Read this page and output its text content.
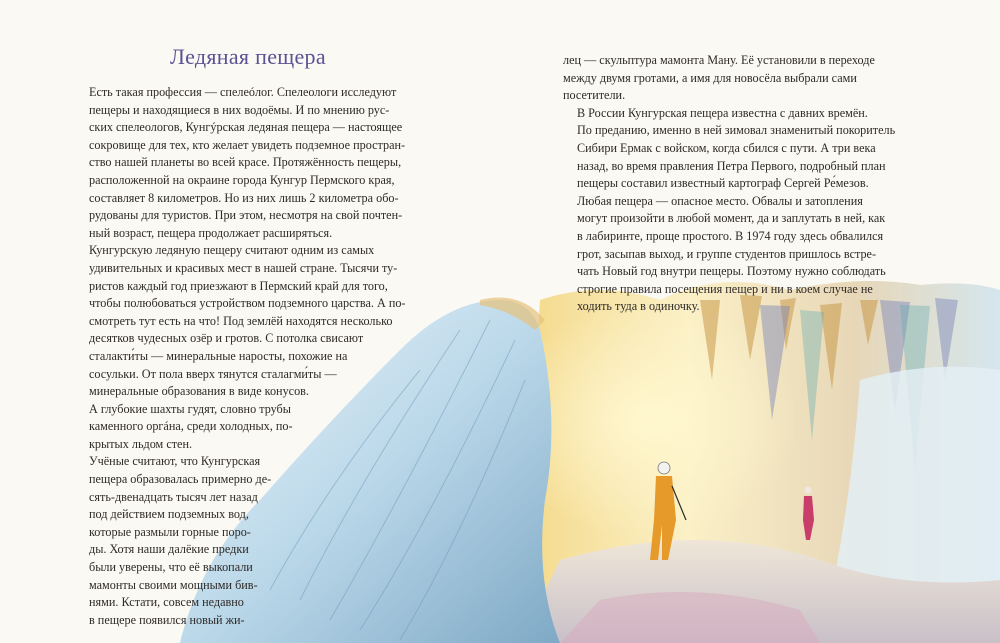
Ледяная пещера

Есть такая профессия — спелеóлог. Спелеологи исследуют
пещеры и находящиеся в них водоёмы. И по мнению рус-
ских спелеологов, Кунгýрская ледяная пещера — настоящее
сокровище для тех, кто желает увидеть подземное простран-
ство нашей планеты во всей красе. Протяжённость пещеры,
расположенной на окраине города Кунгур Пермского края,
составляет 8 километров. Но из них лишь 2 километра обо-
рудованы для туристов. При этом, несмотря на свой почтен-
ный возраст, пещера продолжает расширяться.

Кунгурскую ледяную пещеру считают одним из самых
удивительных и красивых мест в нашей стране. Тысячи ту-
ристов каждый год приезжают в Пермский край для того,
чтобы полюбоваться устройством подземного царства. А по-
смотреть тут есть на что! Под землёй находятся несколько
десятков чудесных озёр и гротов. С потолка свисают
сталакти́ты — минеральные наросты, похожие на
сосульки. От пола вверх тянутся сталагми́ты —
минеральные образования в виде конусов.
А глубокие шахты гудят, словно трубы
каменного оргáна, среди холодных, по-
крытых льдом стен.

Учёные считают, что Кунгурская
пещера образовалась примерно де-
сять-двенадцать тысяч лет назад
под действием подземных вод,
которые размыли горные поро-
ды. Хотя наши далёкие предки
были уверены, что её выкопали
мамонты своими мощными бив-
нями. Кстати, совсем недавно
в пещере появился новый жи-

лец — скульптура мамонта Ману. Её установили в переходе
между двумя гротами, а имя для новосёла выбрали сами
посетители.

В России Кунгурская пещера известна с давних времён.
По преданию, именно в ней зимовал знаменитый покоритель
Сибири Ермак с войском, когда сбился с пути. А три века
назад, во время правления Петра Первого, подробный план
пещеры составил известный картограф Сергей Ре́мезов.

Любая пещера — опасное место. Обвалы и затопления
могут произойти в любой момент, да и заплутать в ней, как
в лабиринте, проще простого. В 1974 году здесь обвалился
грот, засыпав выход, и группе студентов пришлось встре-
чать Новый год внутри пещеры. Поэтому нужно соблюдать
строгие правила посещения пещер и ни в коем случае не
ходить туда в одиночку.
